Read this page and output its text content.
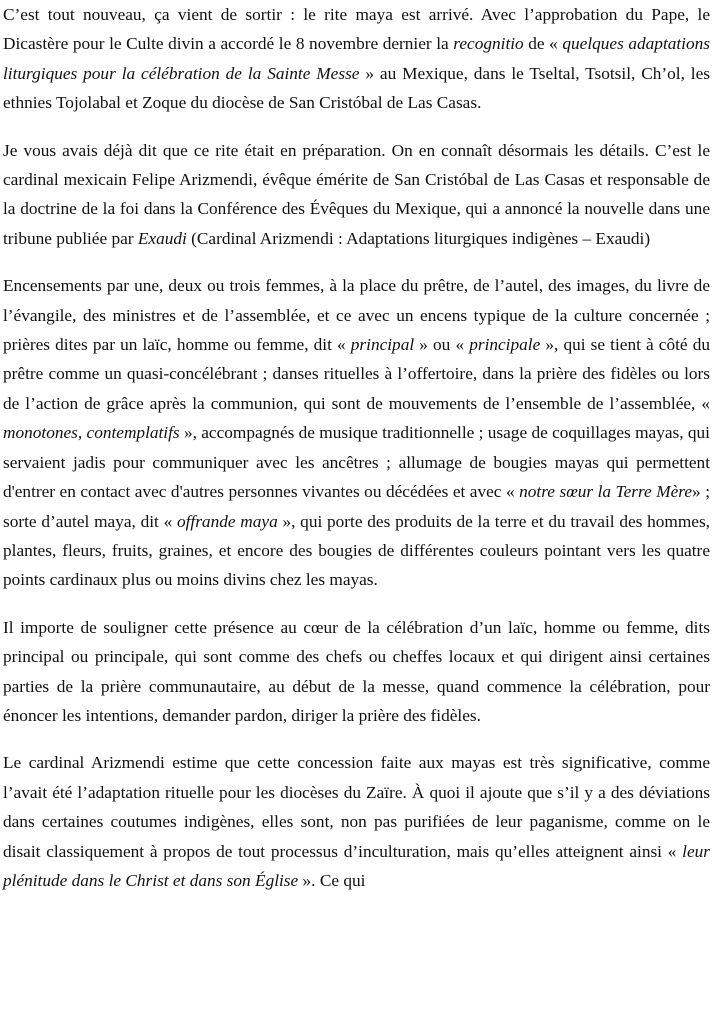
C’est tout nouveau, ça vient de sortir : le rite maya est arrivé. Avec l’approbation du Pape, le Dicastère pour le Culte divin a accordé le 8 novembre dernier la recognitio de « quelques adaptations liturgiques pour la célébration de la Sainte Messe » au Mexique, dans le Tseltal, Tsotsil, Ch’ol, les ethnies Tojolabal et Zoque du diocèse de San Cristóbal de Las Casas.

Je vous avais déjà dit que ce rite était en préparation. On en connaît désormais les détails. C’est le cardinal mexicain Felipe Arizmendi, évêque émérite de San Cristóbal de Las Casas et responsable de la doctrine de la foi dans la Conférence des Évêques du Mexique, qui a annoncé la nouvelle dans une tribune publiée par Exaudi (Cardinal Arizmendi : Adaptations liturgiques indigènes – Exaudi)

Encensements par une, deux ou trois femmes, à la place du prêtre, de l’autel, des images, du livre de l’évangile, des ministres et de l’assemblée, et ce avec un encens typique de la culture concernée ; prières dites par un laïc, homme ou femme, dit « principal » ou « principale », qui se tient à côté du prêtre comme un quasi-concélébrant ; danses rituelles à l’offertoire, dans la prière des fidèles ou lors de l’action de grâce après la communion, qui sont de mouvements de l’ensemble de l’assemblée, « monotones, contemplatifs », accompagnés de musique traditionnelle ; usage de coquillages mayas, qui servaient jadis pour communiquer avec les ancêtres ; allumage de bougies mayas qui permettent d'entrer en contact avec d'autres personnes vivantes ou décédées et avec « notre sœur la Terre Mère» ; sorte d’autel maya, dit « offrande maya », qui porte des produits de la terre et du travail des hommes, plantes, fleurs, fruits, graines, et encore des bougies de différentes couleurs pointant vers les quatre points cardinaux plus ou moins divins chez les mayas.

Il importe de souligner cette présence au cœur de la célébration d’un laïc, homme ou femme, dits principal ou principale, qui sont comme des chefs ou cheffes locaux et qui dirigent ainsi certaines parties de la prière communautaire, au début de la messe, quand commence la célébration, pour énoncer les intentions, demander pardon, diriger la prière des fidèles.

Le cardinal Arizmendi estime que cette concession faite aux mayas est très significative, comme l’avait été l’adaptation rituelle pour les diocèses du Zaïre. À quoi il ajoute que s’il y a des déviations dans certaines coutumes indigènes, elles sont, non pas purifiées de leur paganisme, comme on le disait classiquement à propos de tout processus d’inculturation, mais qu’elles atteignent ainsi « leur plénitude dans le Christ et dans son Église ». Ce qui
